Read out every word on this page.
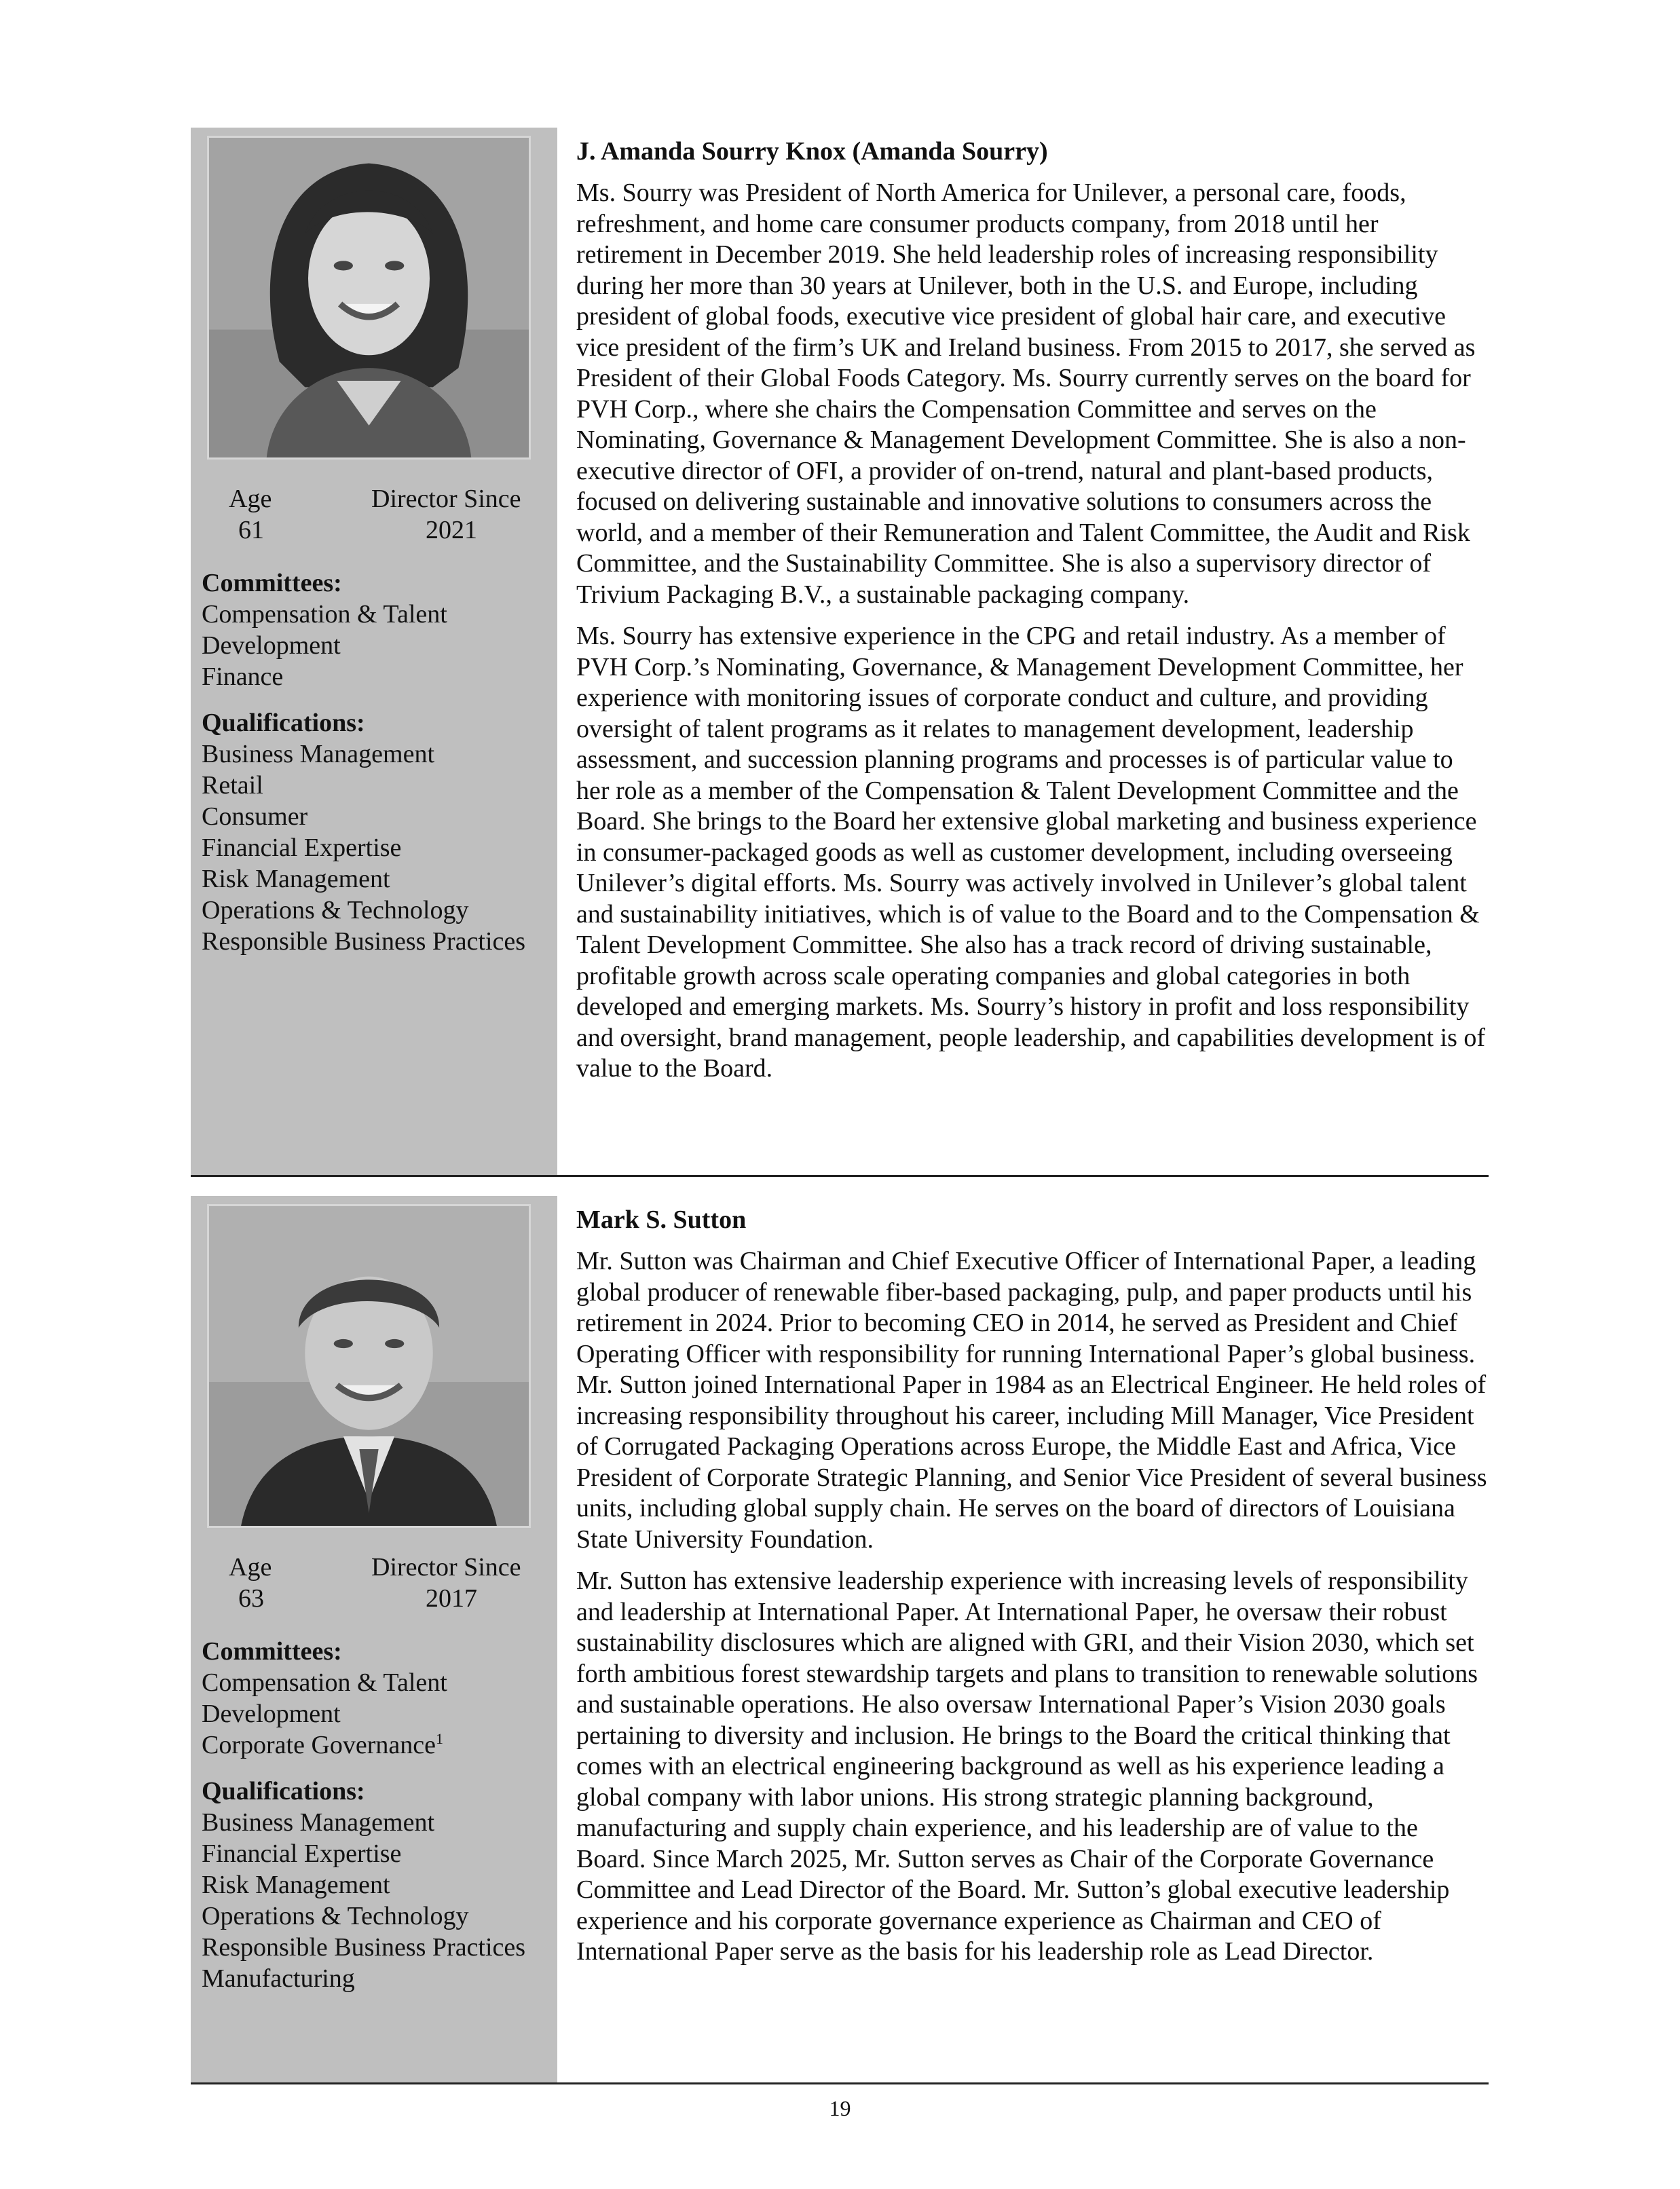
Age	Director Since
61	2021
Committees:
Compensation & Talent
Development
Finance
Qualifications:
Business Management
Retail
Consumer
Financial Expertise
Risk Management
Operations & Technology
Responsible Business Practices
J. Amanda Sourry Knox (Amanda Sourry)

Ms. Sourry was President of North America for Unilever, a personal care, foods, refreshment, and home care consumer products company, from 2018 until her retirement in December 2019. She held leadership roles of increasing responsibility during her more than 30 years at Unilever, both in the U.S. and Europe, including president of global foods, executive vice president of global hair care, and executive vice president of the firm’s UK and Ireland business. From 2015 to 2017, she served as President of their Global Foods Category. Ms. Sourry currently serves on the board for PVH Corp., where she chairs the Compensation Committee and serves on the Nominating, Governance & Management Development Committee. She is also a non-executive director of OFI, a provider of on-trend, natural and plant-based products, focused on delivering sustainable and innovative solutions to consumers across the world, and a member of their Remuneration and Talent Committee, the Audit and Risk Committee, and the Sustainability Committee. She is also a supervisory director of Trivium Packaging B.V., a sustainable packaging company.

Ms. Sourry has extensive experience in the CPG and retail industry. As a member of PVH Corp.’s Nominating, Governance, & Management Development Committee, her experience with monitoring issues of corporate conduct and culture, and providing oversight of talent programs as it relates to management development, leadership assessment, and succession planning programs and processes is of particular value to her role as a member of the Compensation & Talent Development Committee and the Board. She brings to the Board her extensive global marketing and business experience in consumer-packaged goods as well as customer development, including overseeing Unilever’s digital efforts. Ms. Sourry was actively involved in Unilever’s global talent and sustainability initiatives, which is of value to the Board and to the Compensation & Talent Development Committee. She also has a track record of driving sustainable, profitable growth across scale operating companies and global categories in both developed and emerging markets. Ms. Sourry’s history in profit and loss responsibility and oversight, brand management, people leadership, and capabilities development is of value to the Board.

Age	Director Since
63	2017
Committees:
Compensation & Talent
Development
Corporate Governance$^1$
Qualifications:
Business Management
Financial Expertise
Risk Management
Operations & Technology
Responsible Business Practices
Manufacturing
Mark S. Sutton

Mr. Sutton was Chairman and Chief Executive Officer of International Paper, a leading global producer of renewable fiber-based packaging, pulp, and paper products until his retirement in 2024. Prior to becoming CEO in 2014, he served as President and Chief Operating Officer with responsibility for running International Paper’s global business. Mr. Sutton joined International Paper in 1984 as an Electrical Engineer. He held roles of increasing responsibility throughout his career, including Mill Manager, Vice President of Corrugated Packaging Operations across Europe, the Middle East and Africa, Vice President of Corporate Strategic Planning, and Senior Vice President of several business units, including global supply chain. He serves on the board of directors of Louisiana State University Foundation.

Mr. Sutton has extensive leadership experience with increasing levels of responsibility and leadership at International Paper. At International Paper, he oversaw their robust sustainability disclosures which are aligned with GRI, and their Vision 2030, which set forth ambitious forest stewardship targets and plans to transition to renewable solutions and sustainable operations. He also oversaw International Paper’s Vision 2030 goals pertaining to diversity and inclusion. He brings to the Board the critical thinking that comes with an electrical engineering background as well as his experience leading a global company with labor unions. His strong strategic planning background, manufacturing and supply chain experience, and his leadership are of value to the Board. Since March 2025, Mr. Sutton serves as Chair of the Corporate Governance Committee and Lead Director of the Board. Mr. Sutton’s global executive leadership experience and his corporate governance experience as Chairman and CEO of International Paper serve as the basis for his leadership role as Lead Director.

19
